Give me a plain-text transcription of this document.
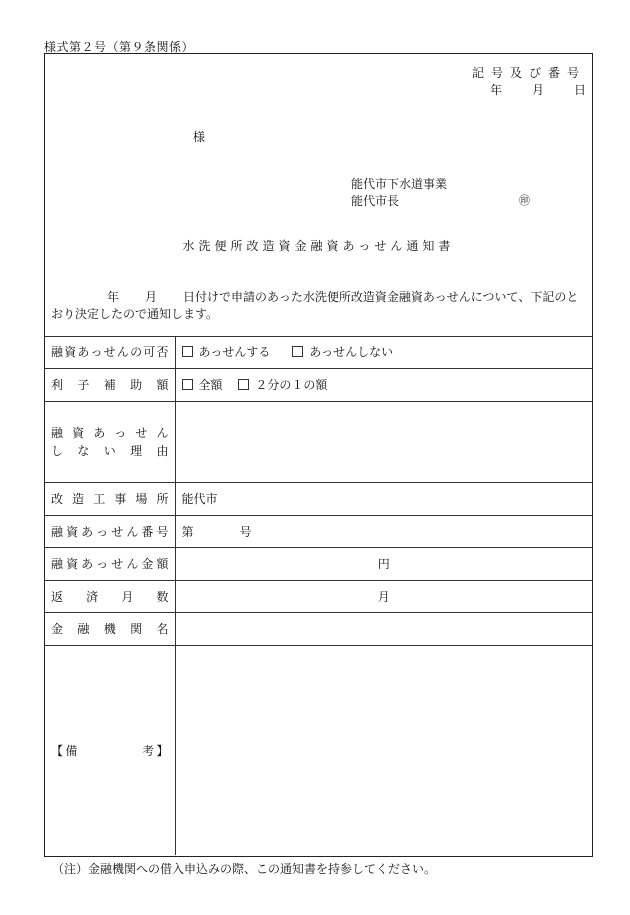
様式第２号（第９条関係）
記号及び番号
年	月	日
様
能代市下水道事業
能代市長	㊞
水洗便所改造資金融資あっせん通知書
年 月 日付けで申請のあった水洗便所改造資金融資あっせんについて、下記のとおり決定したので通知します。
融資あっせんの可否	あっせんする あっせんしない
利子補助額	全額 ２分の１の額

融資あっせん
しない理由	

改造工事場所	能代市
融資あっせん番号	第 号
融資あっせん金額	円
返済月数	月
金融機関名	
【備 考】	
（注）金融機関への借入申込みの際、この通知書を持参してください。
